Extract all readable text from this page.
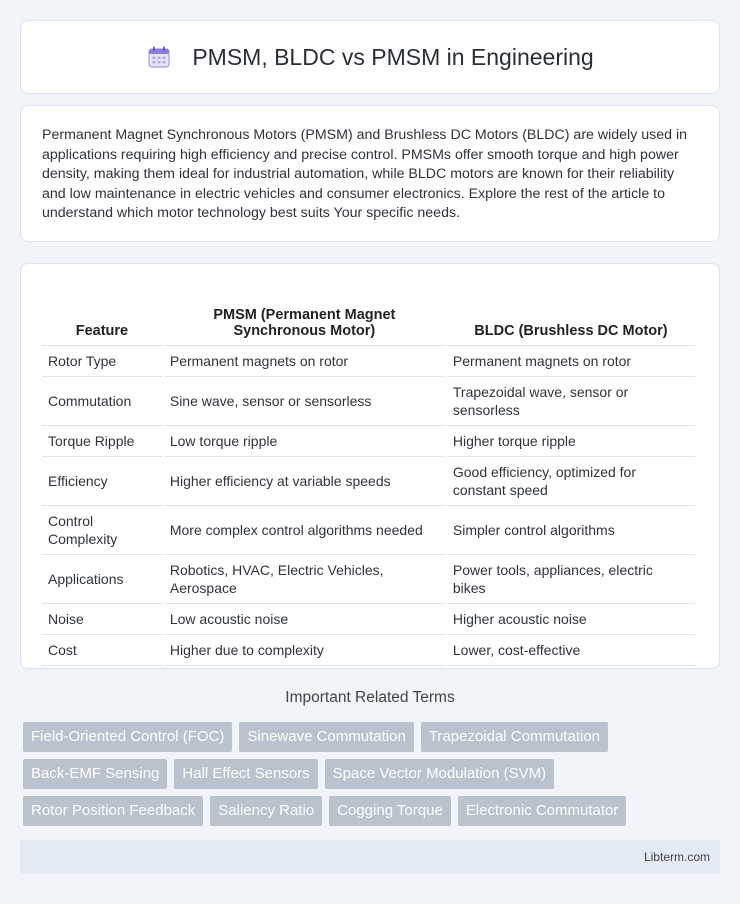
PMSM, BLDC vs PMSM in Engineering

Permanent Magnet Synchronous Motors (PMSM) and Brushless DC Motors (BLDC) are widely used in applications requiring high efficiency and precise control. PMSMs offer smooth torque and high power density, making them ideal for industrial automation, while BLDC motors are known for their reliability and low maintenance in electric vehicles and consumer electronics. Explore the rest of the article to understand which motor technology best suits Your specific needs.

Feature	PMSM (Permanent Magnet Synchronous Motor)	BLDC (Brushless DC Motor)
Rotor Type	Permanent magnets on rotor	Permanent magnets on rotor
Commutation	Sine wave, sensor or sensorless	Trapezoidal wave, sensor or sensorless
Torque Ripple	Low torque ripple	Higher torque ripple
Efficiency	Higher efficiency at variable speeds	Good efficiency, optimized for constant speed
Control Complexity	More complex control algorithms needed	Simpler control algorithms
Applications	Robotics, HVAC, Electric Vehicles, Aerospace	Power tools, appliances, electric bikes
Noise	Low acoustic noise	Higher acoustic noise
Cost	Higher due to complexity	Lower, cost-effective
Important Related Terms
Field-Oriented Control (FOC)	Sinewave Commutation	Trapezoidal Commutation
Back-EMF Sensing	Hall Effect Sensors	Space Vector Modulation (SVM)
Rotor Position Feedback	Saliency Ratio	Cogging Torque	Electronic Commutator
Libterm.com
